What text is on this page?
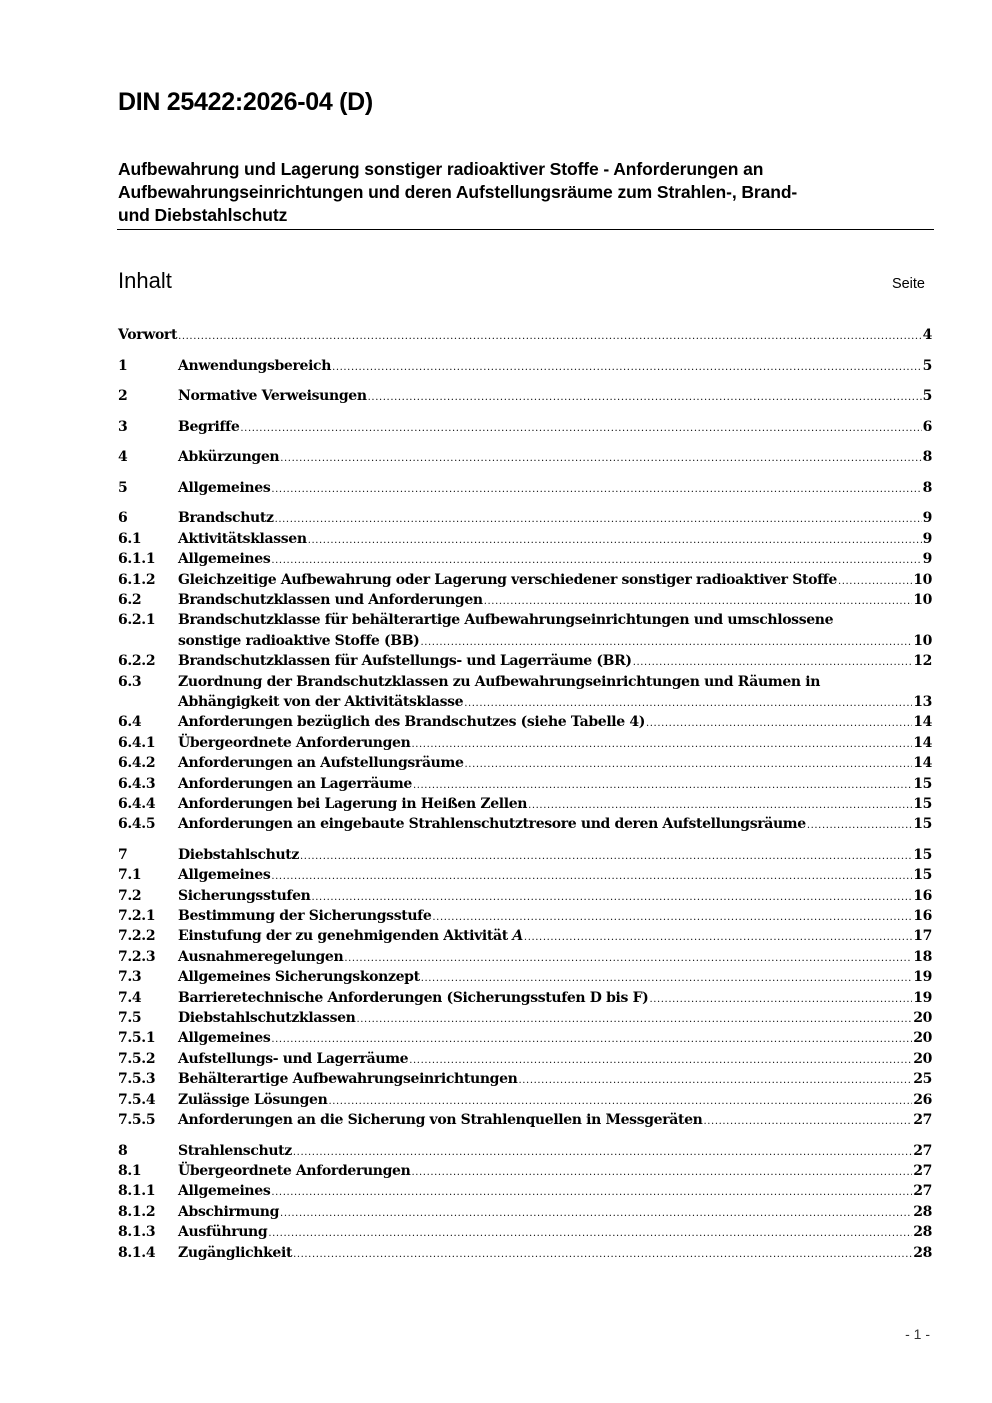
DIN 25422:2026-04 (D)
Aufbewahrung und Lagerung sonstiger radioaktiver Stoffe - Anforderungen an
Aufbewahrungseinrichtungen und deren Aufstellungsräume zum Strahlen-, Brand-
und Diebstahlschutz
Inhalt	Seite
Vorwort .....	4
1	Anwendungsbereich .....	5
2	Normative Verweisungen .....	5
3	Begriffe .....	6
4	Abkürzungen .....	8
5	Allgemeines .....	8
6	Brandschutz .....	9
6.1	Aktivitätsklassen .....	9
6.1.1 Allgemeines .....	9
6.1.2 Gleichzeitige Aufbewahrung oder Lagerung verschiedener sonstiger radioaktiver Stoffe .....	10
6.2	Brandschutzklassen und Anforderungen .....	10
6.2.1 Brandschutzklasse für behälterartige Aufbewahrungseinrichtungen und umschlossene
sonstige radioaktive Stoffe (BB) .....	10
6.2.2 Brandschutzklassen für Aufstellungs- und Lagerräume (BR) .....	12
6.3	Zuordnung der Brandschutzklassen zu Aufbewahrungseinrichtungen und Räumen in
Abhängigkeit von der Aktivitätsklasse .....	13
6.4	Anforderungen bezüglich des Brandschutzes (siehe Tabelle 4) .....	14
6.4.1 Übergeordnete Anforderungen .....	14
6.4.2 Anforderungen an Aufstellungsräume .....	14
6.4.3 Anforderungen an Lagerräume .....	15
6.4.4 Anforderungen bei Lagerung in Heißen Zellen .....	15
6.4.5 Anforderungen an eingebaute Strahlenschutztresore und deren Aufstellungsräume .....	15
7	Diebstahlschutz .....	15
7.1	Allgemeines .....	15
7.2	Sicherungsstufen .....	16
7.2.1 Bestimmung der Sicherungsstufe .....	16
7.2.2 Einstufung der zu genehmigenden Aktivität
A .....	17
7.2.3 Ausnahmeregelungen .....	18
7.3	Allgemeines Sicherungskonzept .....	19
7.4	Barrieretechnische Anforderungen (Sicherungsstufen D bis F) .....	19
7.5	Diebstahlschutzklassen .....	20
7.5.1 Allgemeines .....	20
7.5.2 Aufstellungs- und Lagerräume .....	20
7.5.3 Behälterartige Aufbewahrungseinrichtungen .....	25
7.5.4 Zulässige Lösungen .....	26
7.5.5 Anforderungen an die Sicherung von Strahlenquellen in Messgeräten .....	27
8	Strahlenschutz .....	27
8.1	Übergeordnete Anforderungen .....	27
8.1.1 Allgemeines .....	27
8.1.2 Abschirmung .....	28
8.1.3 Ausführung .....	28
8.1.4 Zugänglichkeit .....	28
- 1 -
